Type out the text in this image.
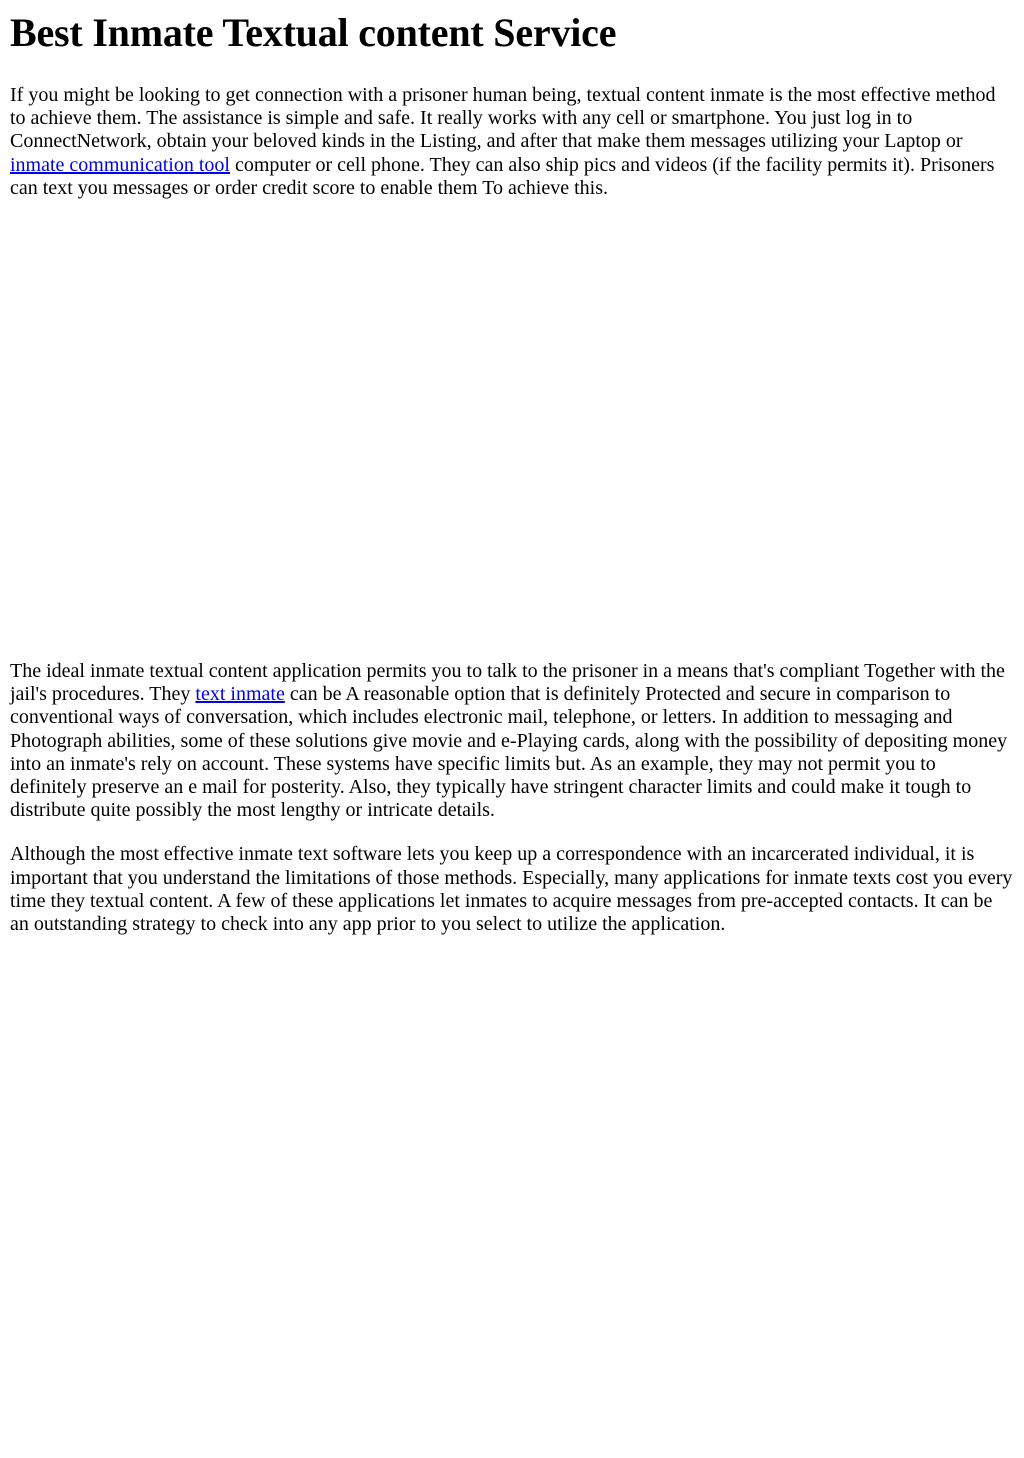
Best Inmate Textual content Service

If you might be looking to get connection with a prisoner human being, textual content inmate is the most effective method to achieve them. The assistance is simple and safe. It really works with any cell or smartphone. You just log in to ConnectNetwork, obtain your beloved kinds in the Listing, and after that make them messages utilizing your Laptop or inmate communication tool computer or cell phone. They can also ship pics and videos (if the facility permits it). Prisoners can text you messages or order credit score to enable them To achieve this.

The ideal inmate textual content application permits you to talk to the prisoner in a means that's compliant Together with the jail's procedures. They text inmate can be A reasonable option that is definitely Protected and secure in comparison to conventional ways of conversation, which includes electronic mail, telephone, or letters. In addition to messaging and Photograph abilities, some of these solutions give movie and e-Playing cards, along with the possibility of depositing money into an inmate's rely on account. These systems have specific limits but. As an example, they may not permit you to definitely preserve an e mail for posterity. Also, they typically have stringent character limits and could make it tough to distribute quite possibly the most lengthy or intricate details.

Although the most effective inmate text software lets you keep up a correspondence with an incarcerated individual, it is important that you understand the limitations of those methods. Especially, many applications for inmate texts cost you every time they textual content. A few of these applications let inmates to acquire messages from pre-accepted contacts. It can be an outstanding strategy to check into any app prior to you select to utilize the application.
